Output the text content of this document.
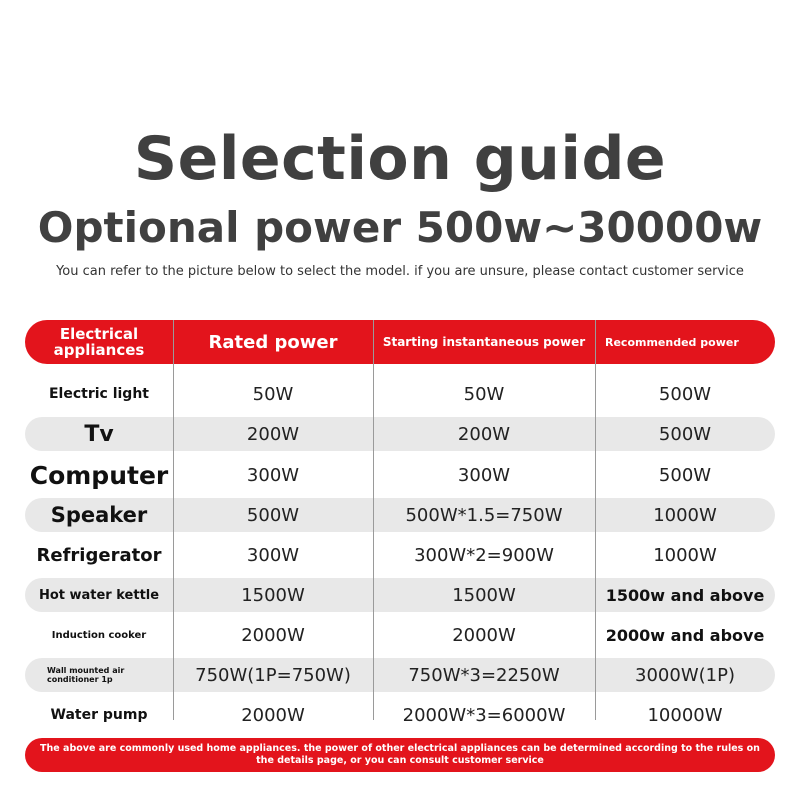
Selection guide
Optional power 500w~30000w
You can refer to the picture below to select the model. if you are unsure, please contact customer service
Electrical appliances	Rated power	Starting instantaneous power	Recommended power
Electric light	50W	50W	500W
Tv	200W	200W	500W
Computer	300W	300W	500W
Speaker	500W	500W*1.5=750W	1000W
Refrigerator	300W	300W*2=900W	1000W
Hot water kettle	1500W	1500W	1500w and above
Induction cooker	2000W	2000W	2000w and above
Wall mounted air conditioner 1p	750W(1P=750W)	750W*3=2250W	3000W(1P)
Water pump	2000W	2000W*3=6000W	10000W
The above are commonly used home appliances. the power of other electrical appliances can be determined according to the rules on the details page, or you can consult customer service
